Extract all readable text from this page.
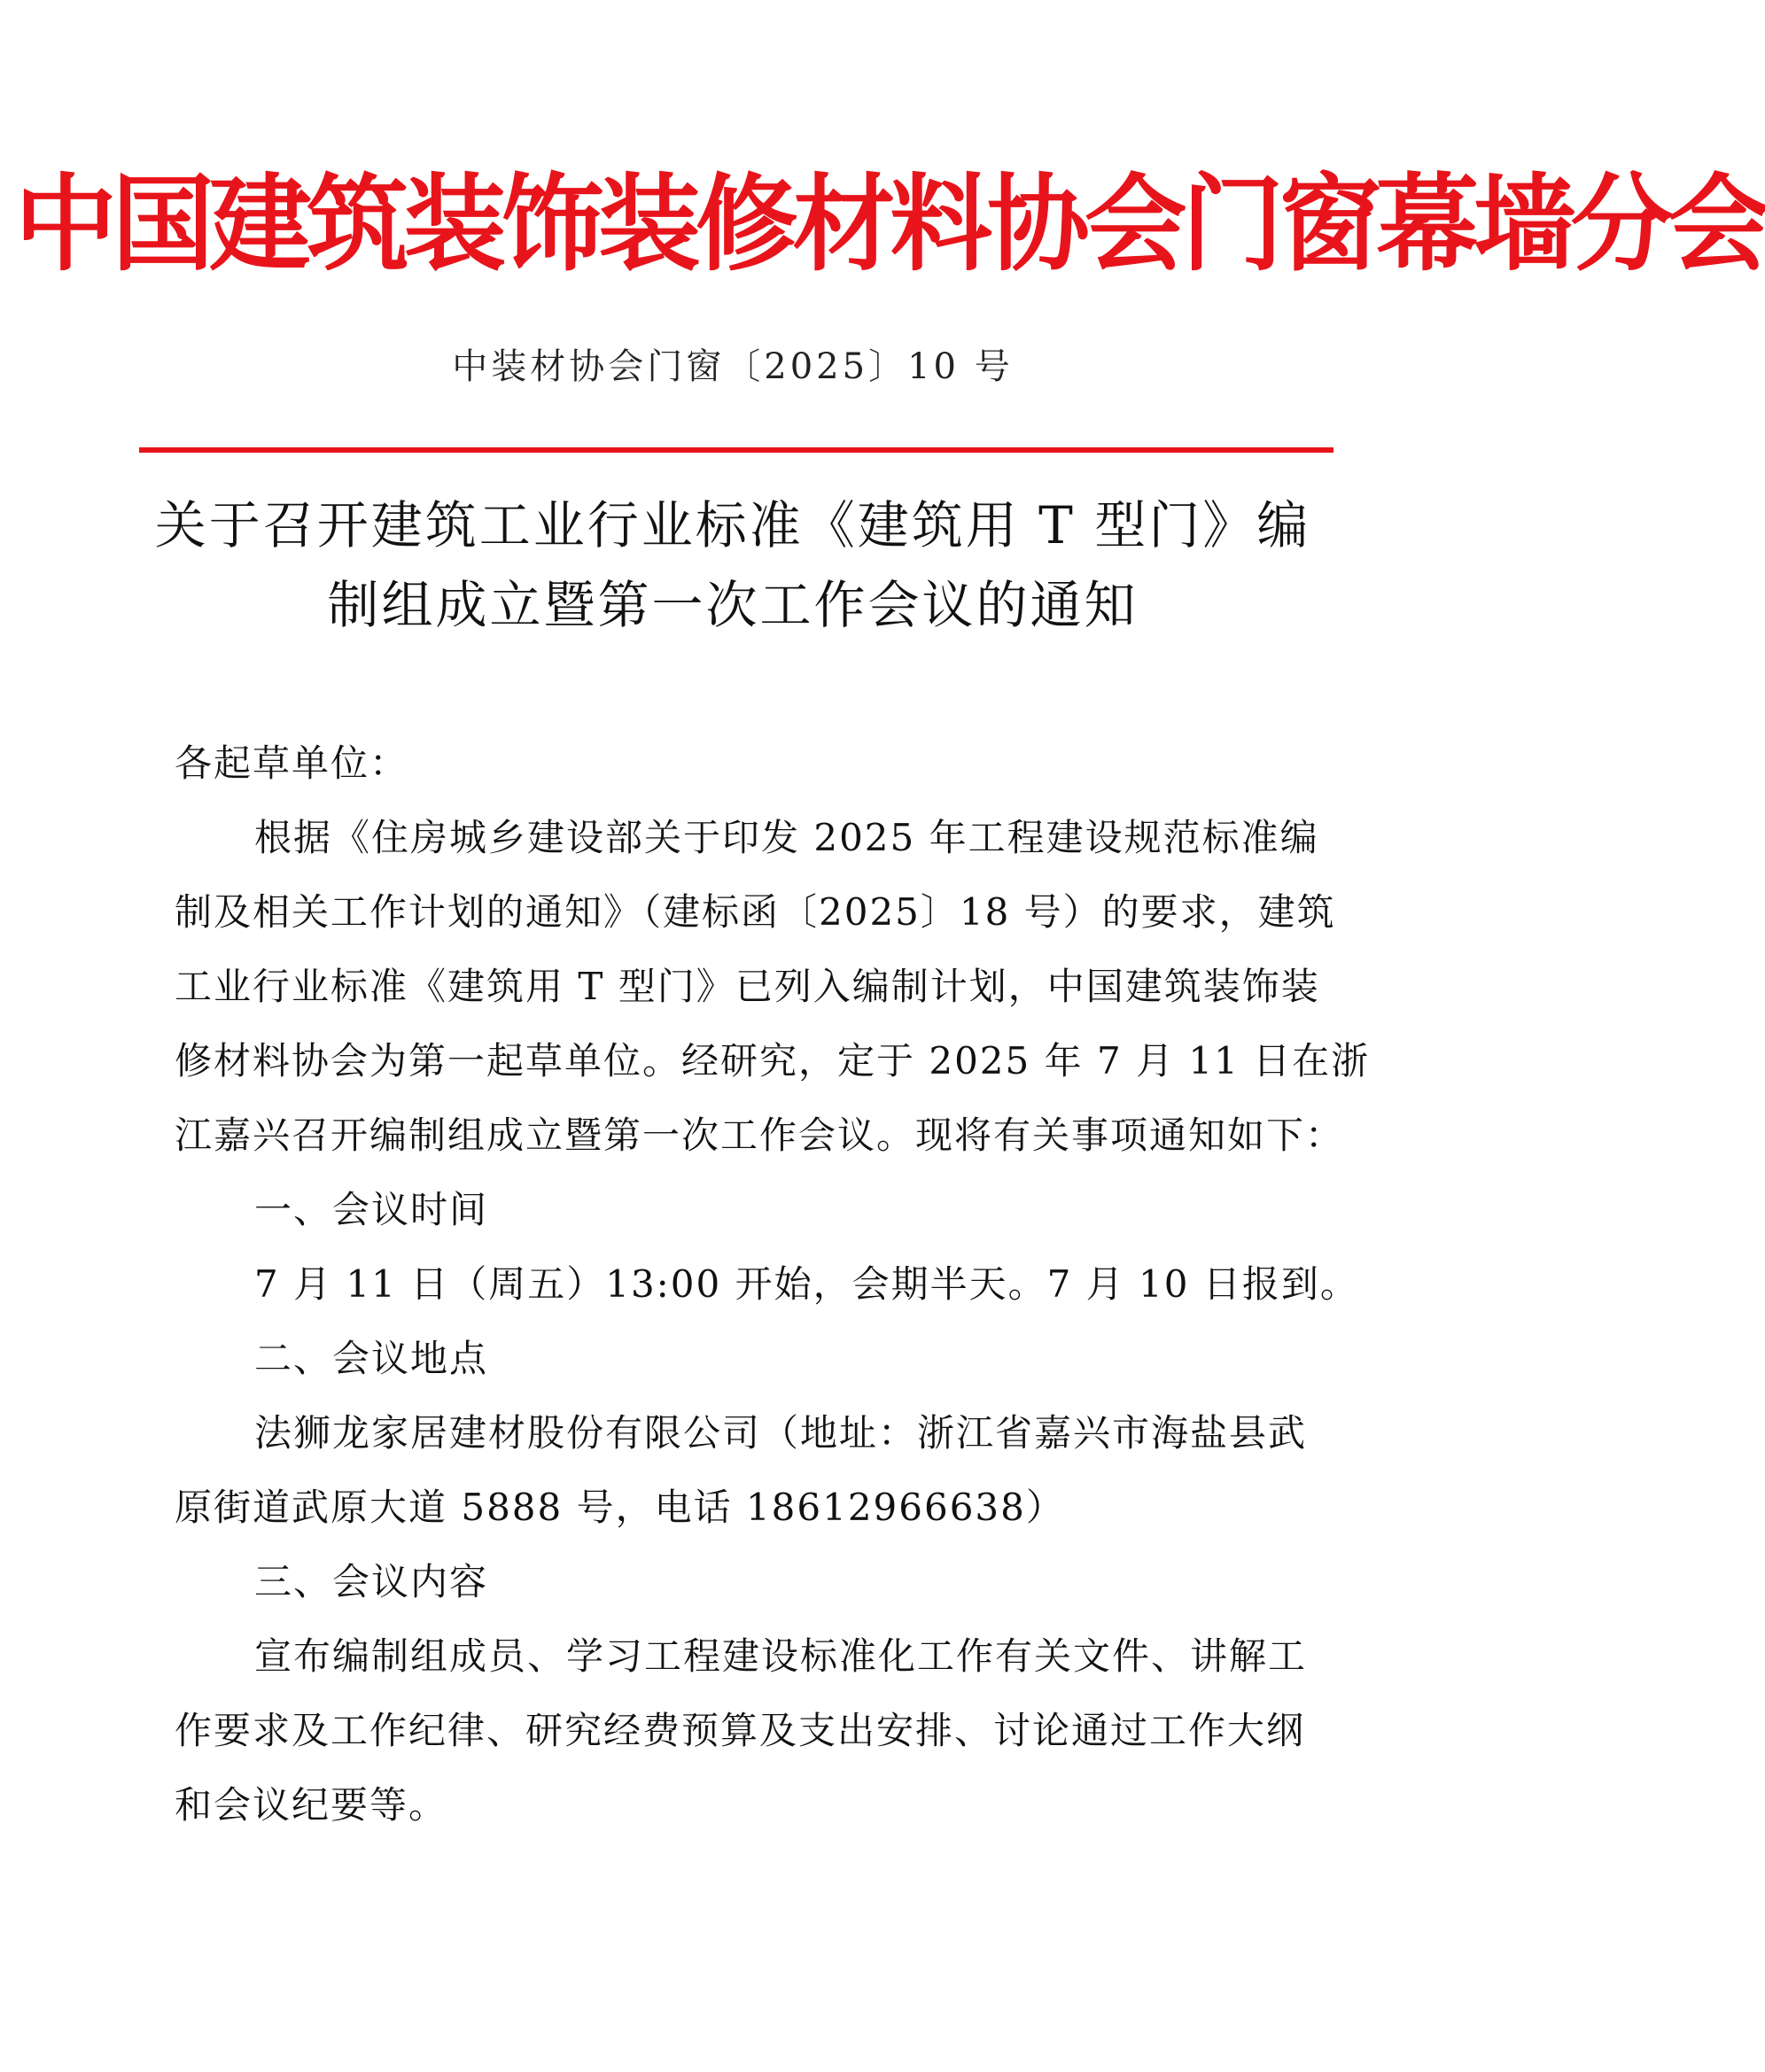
中国建筑装饰装修材料协会门窗幕墙分会
中装材协会门窗〔2025〕10 号
关于召开建筑工业行业标准《建筑用 T 型门》编
制组成立暨第一次工作会议的通知
各起草单位：
根据《住房城乡建设部关于印发 2025 年工程建设规范标准编
制及相关工作计划的通知》（建标函〔2025〕18 号）的要求，建筑
工业行业标准《建筑用 T 型门》已列入编制计划，中国建筑装饰装
修材料协会为第一起草单位。经研究，定于 2025 年 7 月 11 日在浙
江嘉兴召开编制组成立暨第一次工作会议。现将有关事项通知如下：
一、会议时间
7 月 11 日（周五）13:00 开始，会期半天。7 月 10 日报到。
二、会议地点
法狮龙家居建材股份有限公司（地址：浙江省嘉兴市海盐县武
原街道武原大道 5888 号，电话 18612966638）
三、会议内容
宣布编制组成员、学习工程建设标准化工作有关文件、讲解工
作要求及工作纪律、研究经费预算及支出安排、讨论通过工作大纲
和会议纪要等。
